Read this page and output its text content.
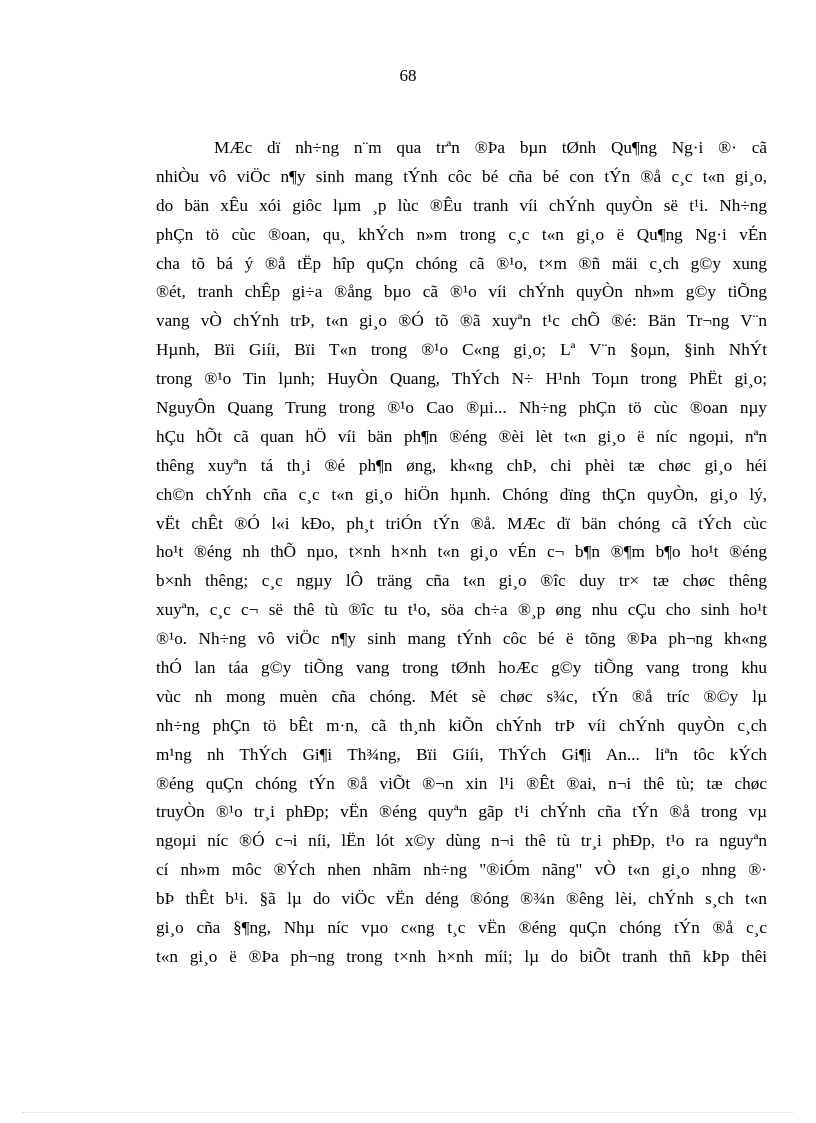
68
MÆc dï nh÷ng n¨m qua trªn ®Þa bµn tØnh Qu¶ng Ng·i ®· cã
nhiÒu vô viÖc n¶y sinh mang tÝnh côc bé cña bé con tÝn ®å c¸c t«n gi¸o,
do bän xÊu xói giôc lµm ¸p lùc ®Êu tranh víi chÝnh quyÒn së t¹i. Nh÷ng
phÇn tö cùc ®oan, qu¸ khÝch n»m trong c¸c t«n gi¸o ë Qu¶ng Ng·i vÉn
cha tõ bá ý ®å tËp hîp quÇn chóng cã ®¹o, t×m ®ñ mäi c¸ch g©y xung
®ét, tranh chÊp gi÷a ®ång bµo cã ®¹o víi chÝnh quyÒn nh»m g©y tiÕng
vang vÒ chÝnh trÞ, t«n gi¸o ®Ó tõ ®ã xuyªn t¹c chÕ ®é: Bän Tr¬ng V¨n
Hµnh, Bïi Giíi, Bïi T«n trong ®¹o C«ng gi¸o; Lª V¨n §oµn, §inh NhÝt
trong ®¹o Tin lµnh; HuyÒn Quang, ThÝch N÷ H¹nh Toµn trong PhËt gi¸o;
NguyÔn Quang Trung trong ®¹o Cao ®µi... Nh÷ng phÇn tö cùc ®oan nµy
hÇu hÕt cã quan hÖ víi bän ph¶n ®éng ®èi lèt t«n gi¸o ë níc ngoµi, nªn
thêng xuyªn tá th¸i ®é ph¶n øng, kh«ng chÞ, chi phèi tæ chøc gi¸o héi
ch©n chÝnh cña c¸c t«n gi¸o hiÖn hµnh. Chóng dïng thÇn quyÒn, gi¸o lý,
vËt chÊt ®Ó l«i kÐo, ph¸t triÓn tÝn ®å. MÆc dï bän chóng cã tÝch cùc
ho¹t ®éng nh thÕ nµo, t×nh h×nh t«n gi¸o vÉn c¬ b¶n ®¶m b¶o ho¹t ®éng
b×nh thêng; c¸c ngµy lÔ träng cña t«n gi¸o ®îc duy tr× tæ chøc thêng
xuyªn, c¸c c¬ së thê tù ®îc tu t¹o, söa ch÷a ®¸p øng nhu cÇu cho sinh ho¹t
®¹o. Nh÷ng vô viÖc n¶y sinh mang tÝnh côc bé ë tõng ®Þa ph¬ng kh«ng
thÓ lan táa g©y tiÕng vang trong tØnh hoÆc g©y tiÕng vang trong khu
vùc nh mong muèn cña chóng. Mét sè chøc s¾c, tÝn ®å tríc ®©y lµ
nh÷ng phÇn tö bÊt m·n, cã th¸nh kiÕn chÝnh trÞ víi chÝnh quyÒn c¸ch
m¹ng nh ThÝch Gi¶i Th¾ng, Bïi Giíi, ThÝch Gi¶i An... liªn tôc kÝch
®éng quÇn chóng tÝn ®å viÕt ®¬n xin l¹i ®Êt ®ai, n¬i thê tù; tæ chøc
truyÒn ®¹o tr¸i phÐp; vËn ®éng quyªn gãp t¹i chÝnh cña tÝn ®å trong vµ
ngoµi níc ®Ó c¬i níi, lËn lót x©y dùng n¬i thê tù tr¸i phÐp, t¹o ra nguyªn
cí nh»m môc ®Ých nhen nhãm nh÷ng "®iÓm nãng" vÒ t«n gi¸o nhng ®·
bÞ thÊt b¹i. §ã lµ do viÖc vËn déng ®óng ®¾n ®êng lèi, chÝnh s¸ch t«n
gi¸o cña §¶ng, Nhµ níc vµo c«ng t¸c vËn ®éng quÇn chóng tÝn ®å c¸c
t«n gi¸o ë ®Þa ph¬ng trong t×nh h×nh míi; lµ do biÕt tranh thñ kÞp thêi
